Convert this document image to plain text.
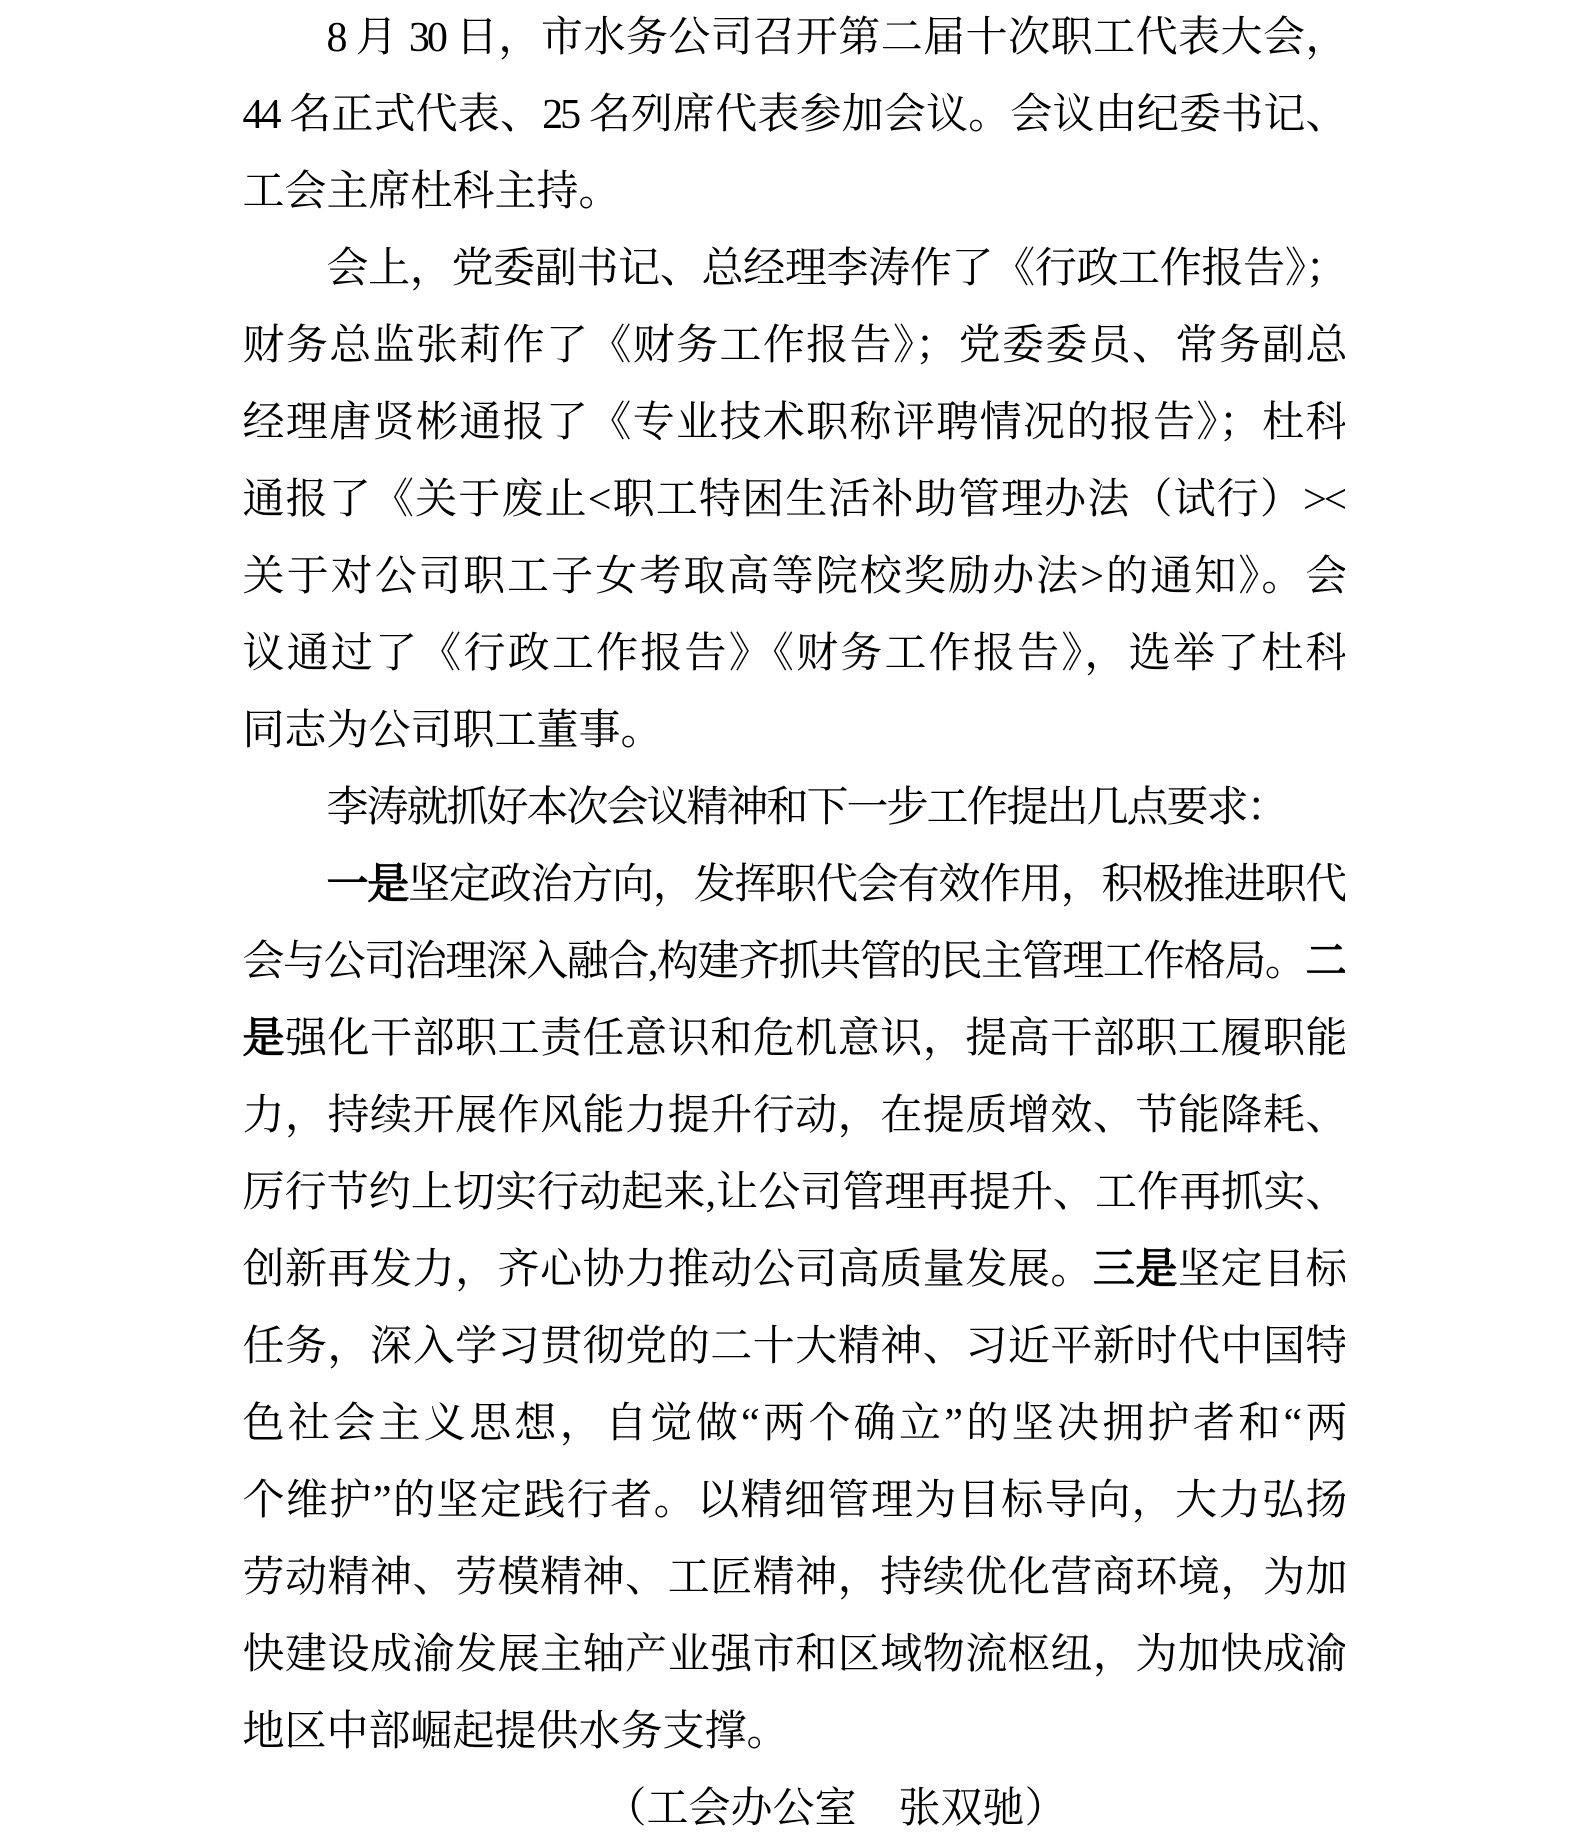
8 月 30 日，市水务公司召开第二届十次职工代表大会，
44 名正式代表、25 名列席代表参加会议。会议由纪委书记、
工会主席杜科主持。
会上，党委副书记、总经理李涛作了《行政工作报告》；
财务总监张莉作了《财务工作报告》；党委委员、常务副总
经理唐贤彬通报了《专业技术职称评聘情况的报告》；杜科
通报了《关于废止<职工特困生活补助管理办法（试行）><
关于对公司职工子女考取高等院校奖励办法>的通知》。会
议通过了《行政工作报告》《财务工作报告》，选举了杜科
同志为公司职工董事。
李涛就抓好本次会议精神和下一步工作提出几点要求：
一是坚定政治方向，发挥职代会有效作用，积极推进职代
会与公司治理深入融合,构建齐抓共管的民主管理工作格局。二
是强化干部职工责任意识和危机意识，提高干部职工履职能
力，持续开展作风能力提升行动，在提质增效、节能降耗、
厉行节约上切实行动起来,让公司管理再提升、工作再抓实、
创新再发力，齐心协力推动公司高质量发展。三是坚定目标
任务，深入学习贯彻党的二十大精神、习近平新时代中国特
色社会主义思想，自觉做“两个确立”的坚决拥护者和“两
个维护”的坚定践行者。以精细管理为目标导向，大力弘扬
劳动精神、劳模精神、工匠精神，持续优化营商环境，为加
快建设成渝发展主轴产业强市和区域物流枢纽，为加快成渝
地区中部崛起提供水务支撑。
（工会办公室　张双驰）
